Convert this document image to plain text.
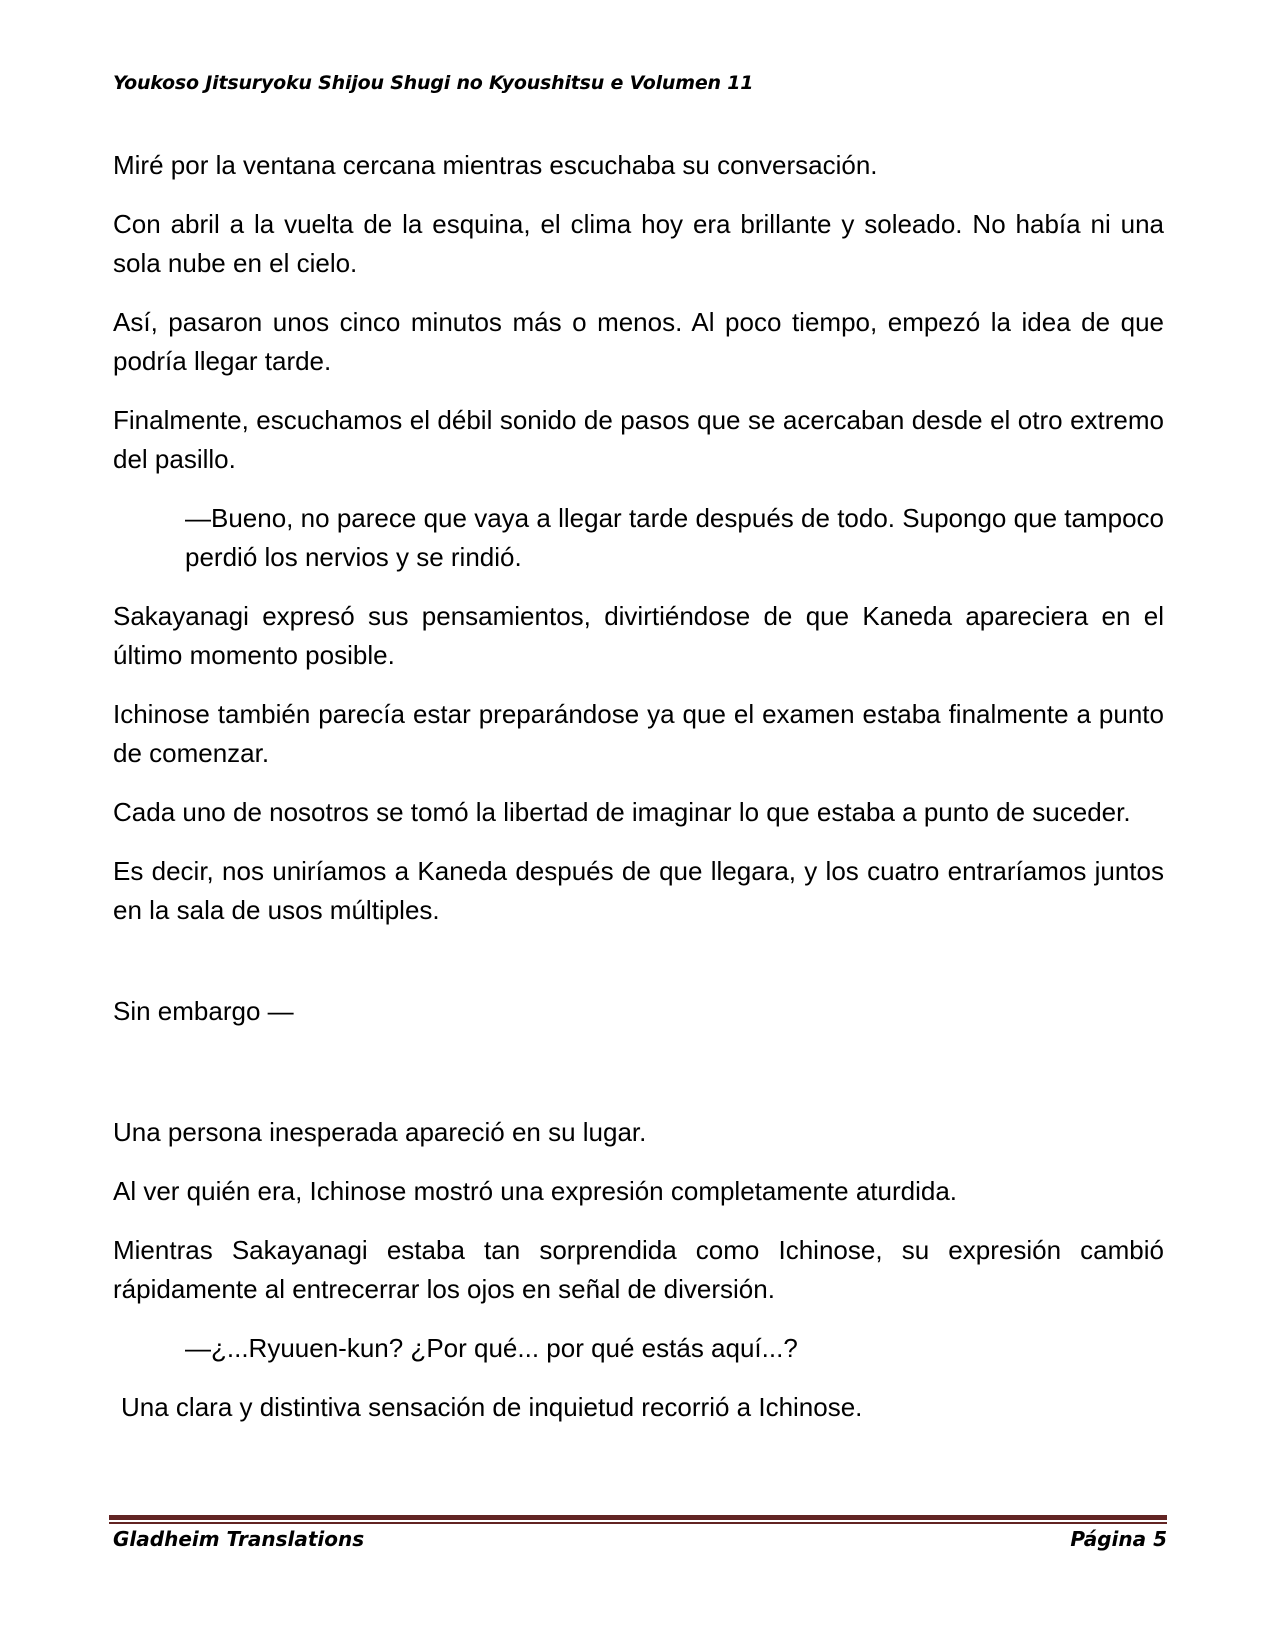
Youkoso Jitsuryoku Shijou Shugi no Kyoushitsu e Volumen 11

Miré por la ventana cercana mientras escuchaba su conversación.

Con abril a la vuelta de la esquina, el clima hoy era brillante y soleado. No había ni una sola nube en el cielo.

Así, pasaron unos cinco minutos más o menos. Al poco tiempo, empezó la idea de que podría llegar tarde.

Finalmente, escuchamos el débil sonido de pasos que se acercaban desde el otro extremo del pasillo.

—Bueno, no parece que vaya a llegar tarde después de todo. Supongo que tampoco perdió los nervios y se rindió.

Sakayanagi expresó sus pensamientos, divirtiéndose de que Kaneda apareciera en el último momento posible.

Ichinose también parecía estar preparándose ya que el examen estaba finalmente a punto de comenzar.

Cada uno de nosotros se tomó la libertad de imaginar lo que estaba a punto de suceder.

Es decir, nos uniríamos a Kaneda después de que llegara, y los cuatro entraríamos juntos en la sala de usos múltiples.

Sin embargo —

Una persona inesperada apareció en su lugar.

Al ver quién era, Ichinose mostró una expresión completamente aturdida.

Mientras Sakayanagi estaba tan sorprendida como Ichinose, su expresión cambió rápidamente al entrecerrar los ojos en señal de diversión.

—¿...Ryuuen-kun? ¿Por qué... por qué estás aquí...?

Una clara y distintiva sensación de inquietud recorrió a Ichinose.

Gladheim Translations	Página 5
